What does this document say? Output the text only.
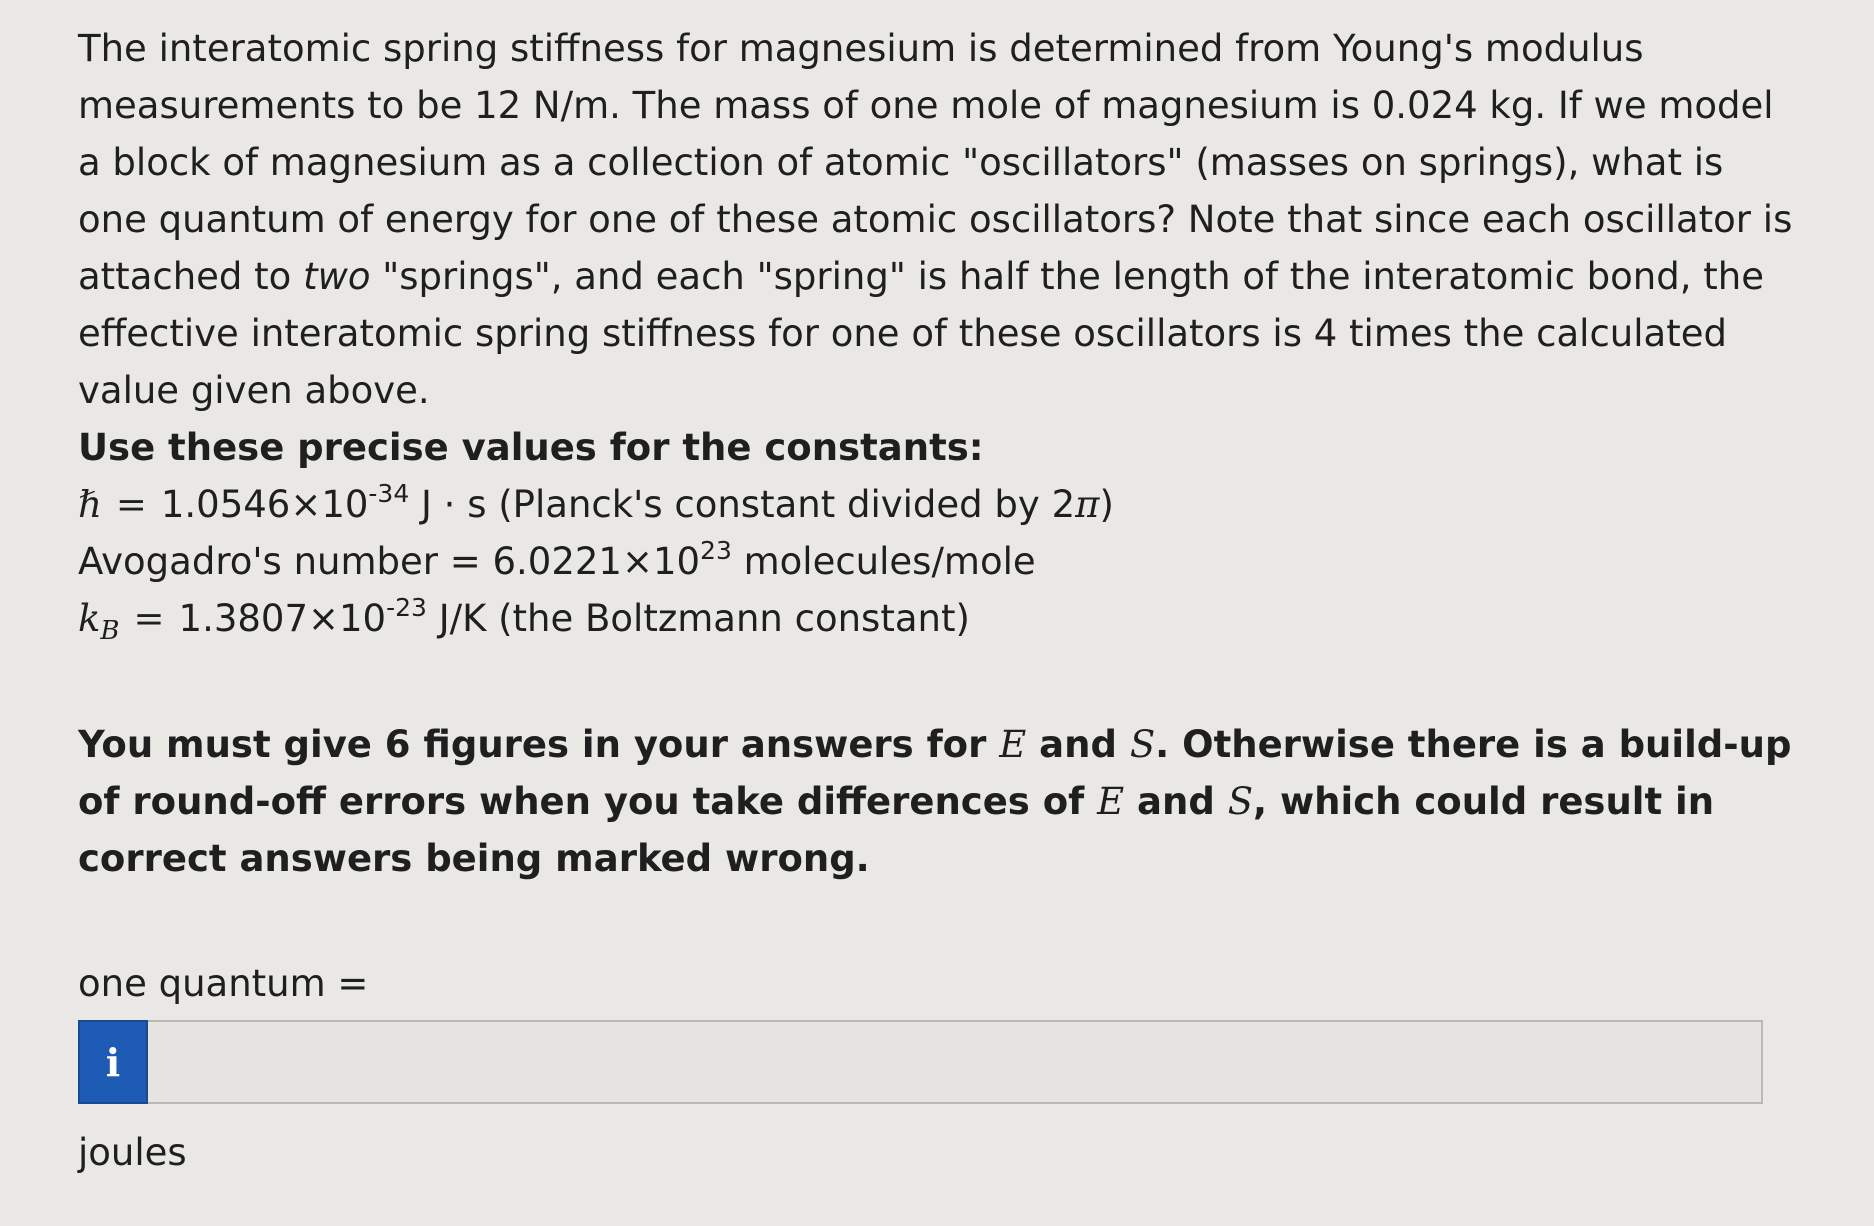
The interatomic spring stiffness for magnesium is determined from Young's modulus measurements to be 12 N/m. The mass of one mole of magnesium is 0.024 kg. If we model a block of magnesium as a collection of atomic "oscillators" (masses on springs), what is one quantum of energy for one of these atomic oscillators? Note that since each oscillator is attached to two "springs", and each "spring" is half the length of the interatomic bond, the effective interatomic spring stiffness for one of these oscillators is 4 times the calculated value given above.

Use these precise values for the constants:

ℏ = $1.0546\times 10^{-34}$ J · s (Planck's constant divided by 2π)

Avogadro's number = $6.0221\times 10^{23}$ molecules/mole

$k_B = 1.3807\times 10^{-23}$ J/K (the Boltzmann constant)

You must give 6 figures in your answers for E and S. Otherwise there is a build-up of round-off errors when you take differences of E and S, which could result in correct answers being marked wrong.

one quantum =

i

joules
